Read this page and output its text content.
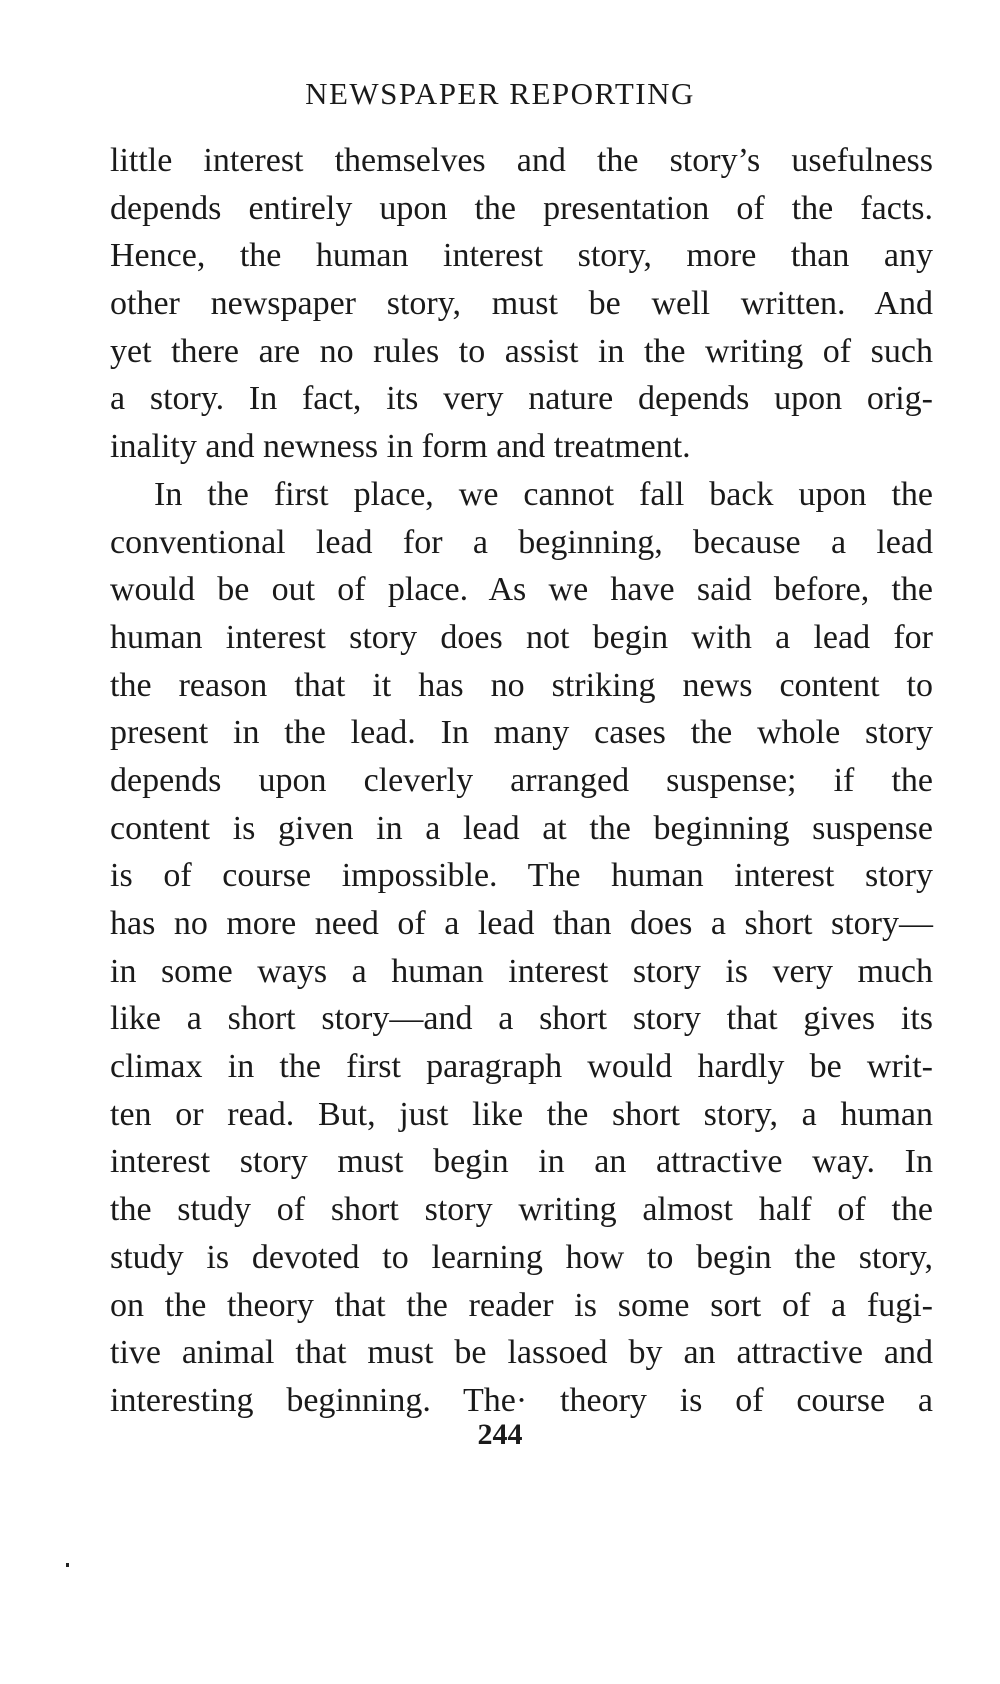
NEWSPAPER REPORTING
little interest themselves and the story’s usefulness
depends entirely upon the presentation of the facts.
Hence, the human interest story, more than any
other newspaper story, must be well written. And
yet there are no rules to assist in the writing of such
a story. In fact, its very nature depends upon orig-
inality and newness in form and treatment.
In the first place, we cannot fall back upon the
conventional lead for a beginning, because a lead
would be out of place. As we have said before, the
human interest story does not begin with a lead for
the reason that it has no striking news content to
present in the lead. In many cases the whole story
depends upon cleverly arranged suspense; if the
content is given in a lead at the beginning suspense
is of course impossible. The human interest story
has no more need of a lead than does a short story—
in some ways a human interest story is very much
like a short story—and a short story that gives its
climax in the first paragraph would hardly be writ-
ten or read. But, just like the short story, a human
interest story must begin in an attractive way. In
the study of short story writing almost half of the
study is devoted to learning how to begin the story,
on the theory that the reader is some sort of a fugi-
tive animal that must be lassoed by an attractive and
interesting beginning. The· theory is of course a
244
